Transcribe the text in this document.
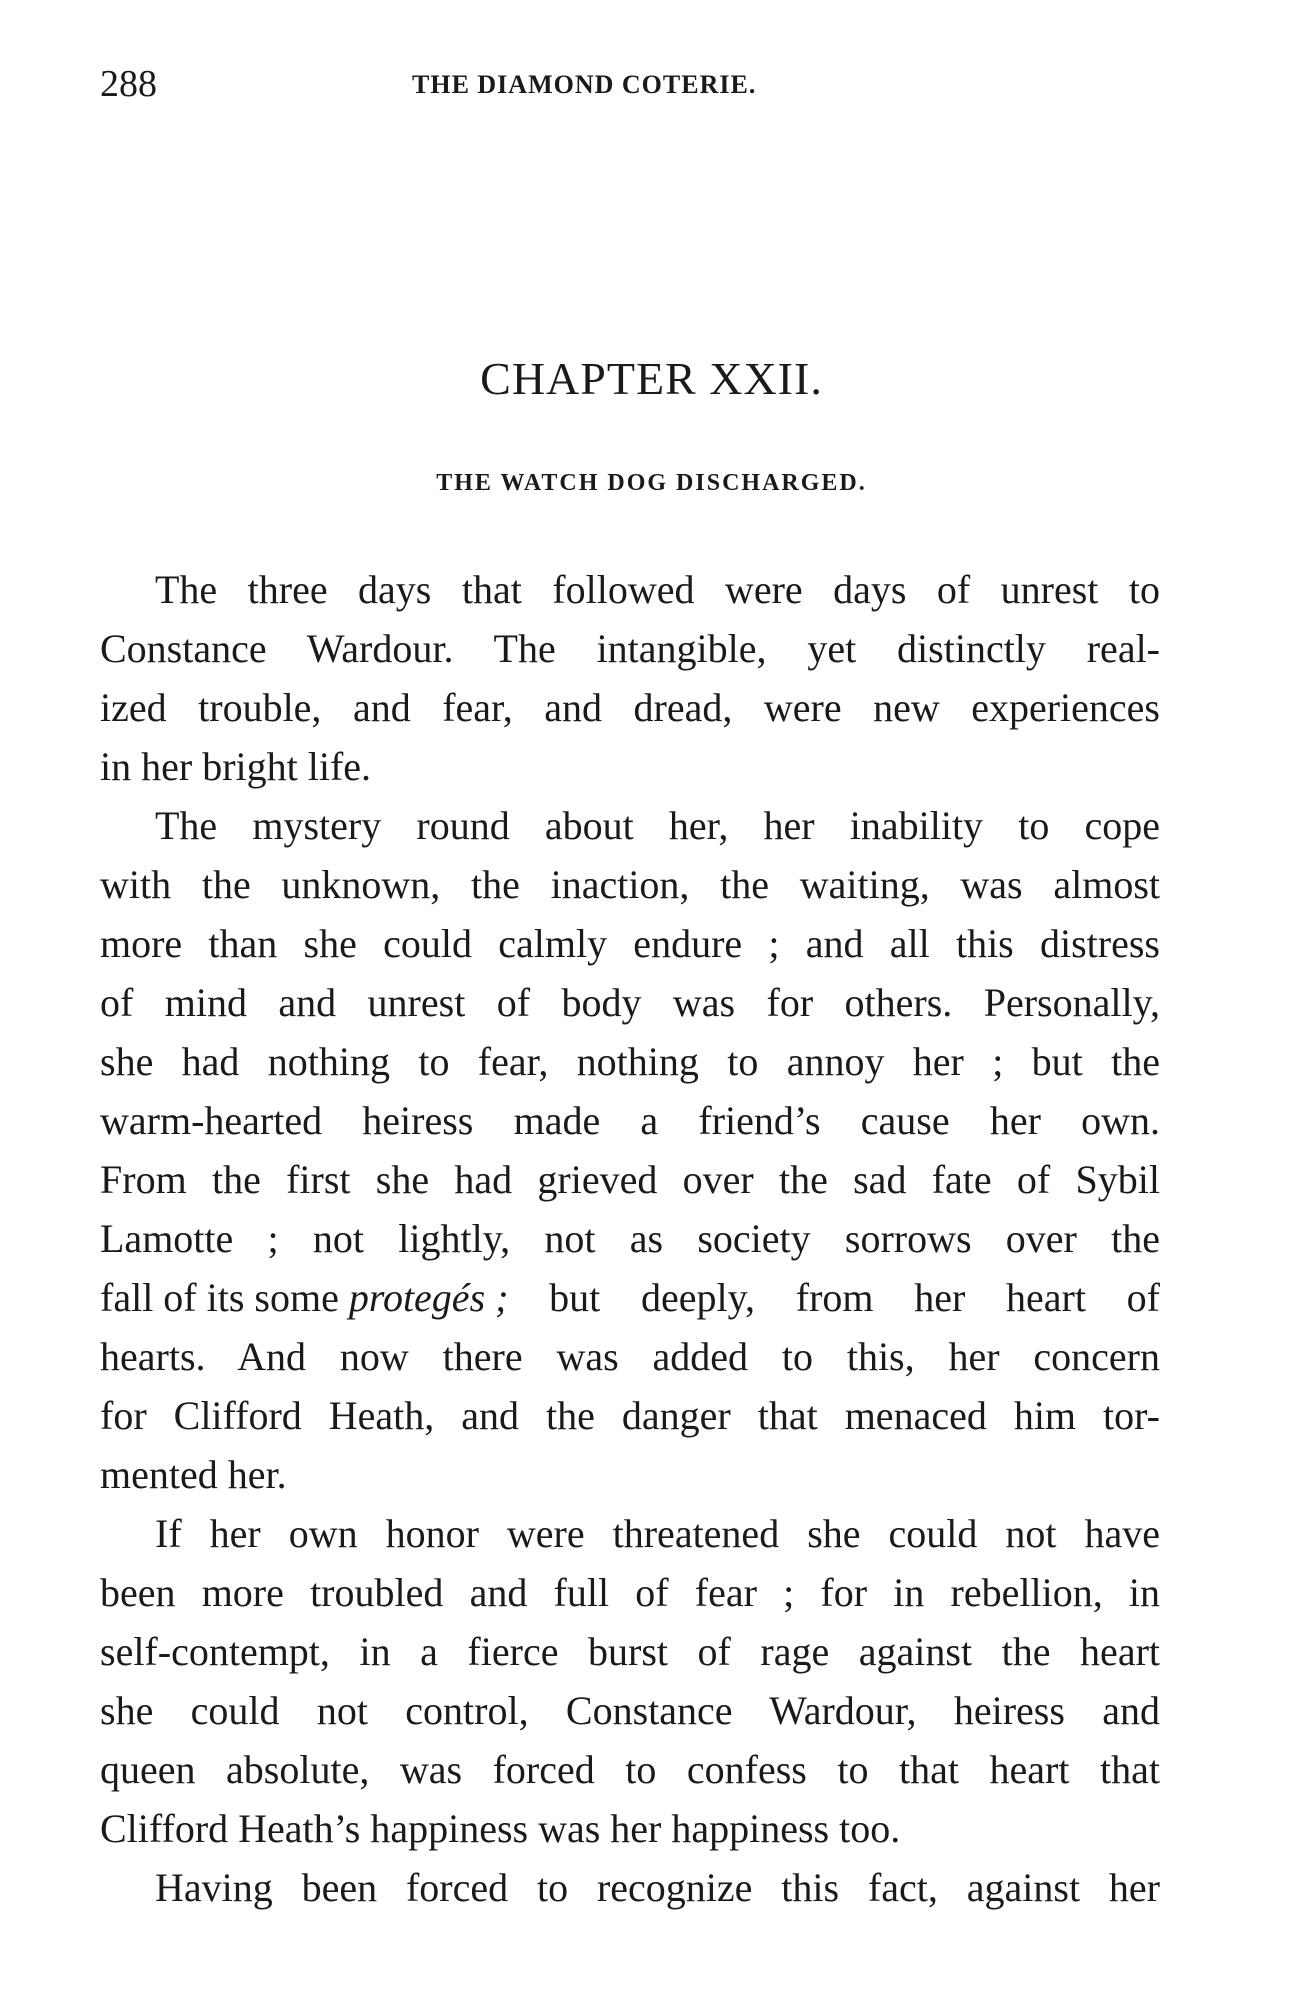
288	THE DIAMOND COTERIE.
CHAPTER XXII.
THE WATCH DOG DISCHARGED.
The three days that followed were days of unrest to
Constance Wardour. The intangible, yet distinctly real-
ized trouble, and fear, and dread, were new experiences
in her bright life.
The mystery round about her, her inability to cope
with the unknown, the inaction, the waiting, was almost
more than she could calmly endure ; and all this distress
of mind and unrest of body was for others. Personally,
she had nothing to fear, nothing to annoy her ; but the
warm-hearted heiress made a friend’s cause her own.
From the first she had grieved over the sad fate of Sybil
Lamotte ; not lightly, not as society sorrows over the
fall of its some protegés ; but deeply, from her heart of
hearts. And now there was added to this, her concern
for Clifford Heath, and the danger that menaced him tor-
mented her.
If her own honor were threatened she could not have
been more troubled and full of fear ; for in rebellion, in
self-contempt, in a fierce burst of rage against the heart
she could not control, Constance Wardour, heiress and
queen absolute, was forced to confess to that heart that
Clifford Heath’s happiness was her happiness too.
Having been forced to recognize this fact, against her
